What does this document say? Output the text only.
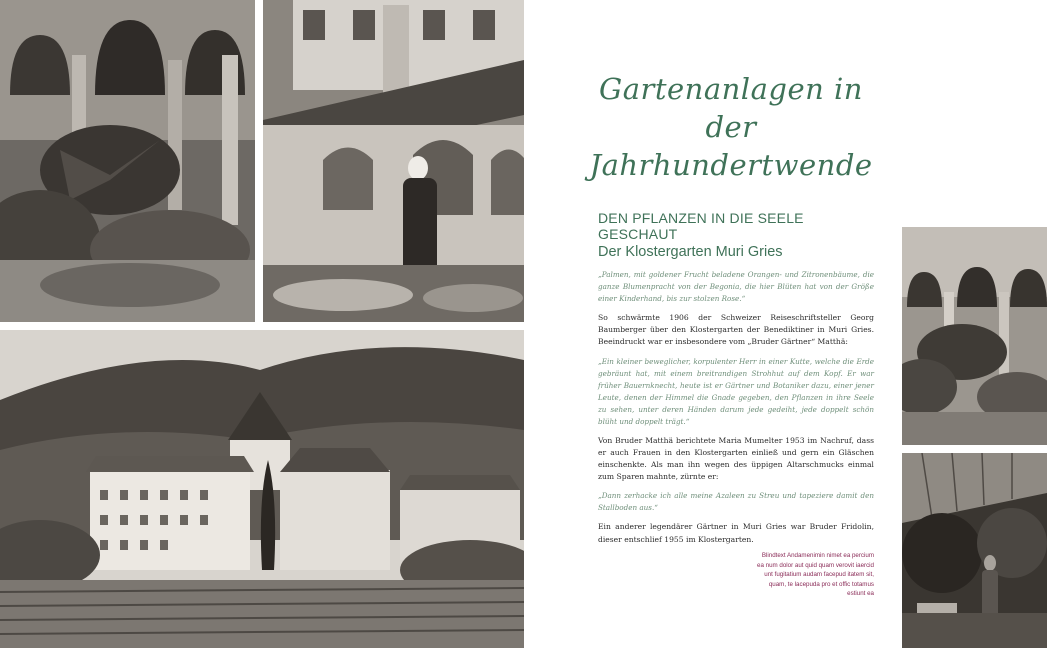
Gartenanlagen in der
Jahrhundertwende

DEN PFLANZEN IN DIE SEELE GESCHAUT

Der Klostergarten Muri Gries

„Palmen, mit goldener Frucht beladene Orangen- und Zitronenbäume, die ganze Blumenpracht von der Begonia, die hier Blüten hat von der Größe einer Kinderhand, bis zur stolzen Rose.“

So schwärmte 1906 der Schweizer Reiseschriftsteller Georg Baumberger über den Klostergarten der Benediktiner in Muri Gries. Beeindruckt war er insbesondere vom „Bruder Gärtner“ Matthä:

„Ein kleiner beweglicher, korpulenter Herr in einer Kutte, welche die Erde gebräunt hat, mit einem breitrandigen Strohhut auf dem Kopf. Er war früher Bauernknecht, heute ist er Gärtner und Botaniker dazu, einer jener Leute, denen der Himmel die Gnade gegeben, den Pflanzen in ihre Seele zu sehen, unter deren Händen darum jede gedeiht, jede doppelt schön blüht und doppelt trägt.“

Von Bruder Matthä berichtete Maria Mumelter 1953 im Nachruf, dass er auch Frauen in den Klostergarten einließ und gern ein Gläschen einschenkte. Als man ihn wegen des üppigen Altarschmucks einmal zum Sparen mahnte, zürnte er:

„Dann zerhacke ich alle meine Azaleen zu Streu und tapeziere damit den Stallboden aus.“

Ein anderer legendärer Gärtner in Muri Gries war Bruder Fridolin, dieser entschlief 1955 im Klostergarten.

Blindtext Andamenimin nimet ea percium ea num dolor aut quid quam verovit iaercid unt fugitatium audam facepud itatem sit, quam, te lacepuda pro et offic totamus estiunt ea
